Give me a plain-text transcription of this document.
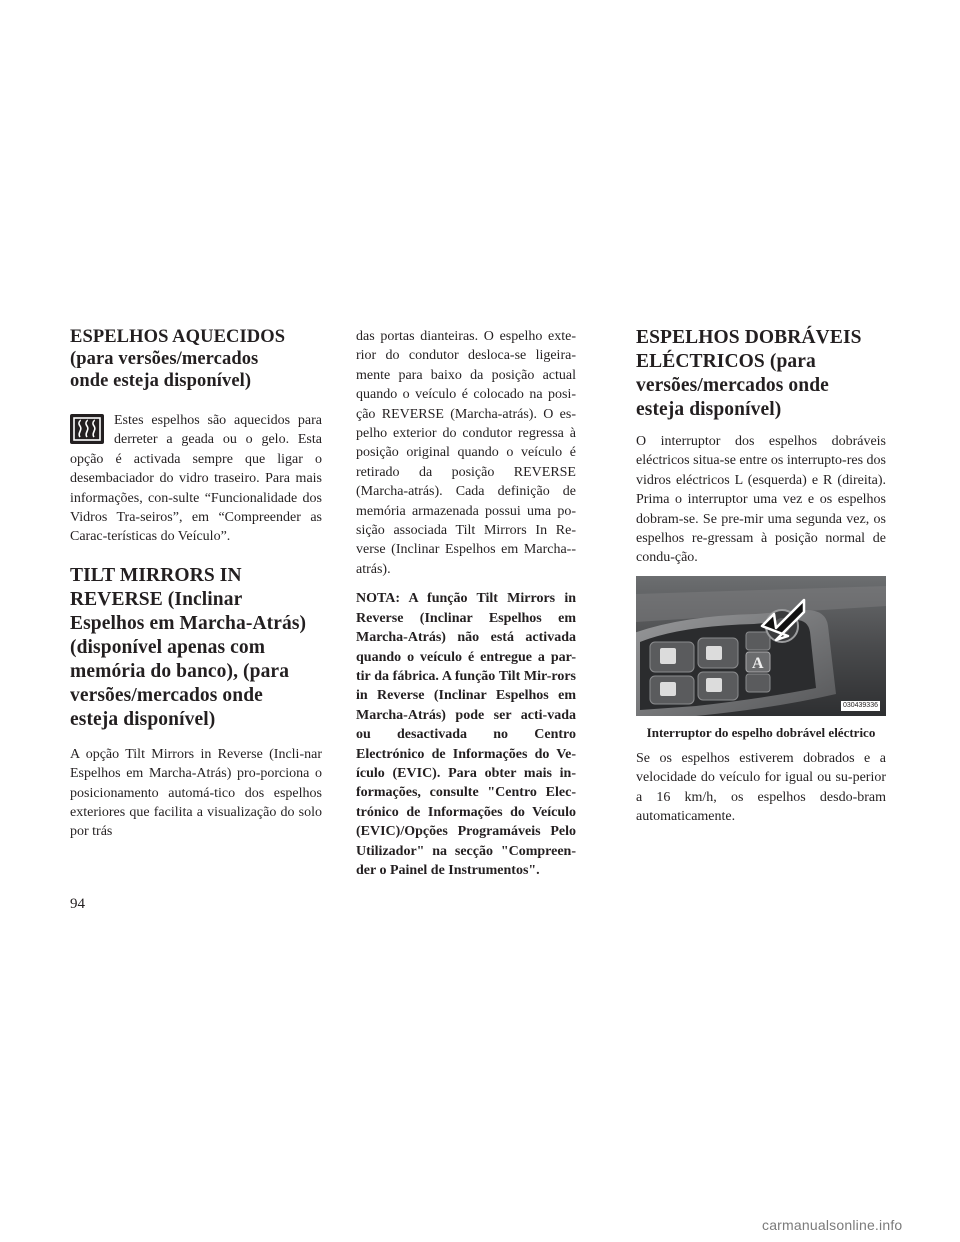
ESPELHOS AQUECIDOS
(para versões/mercados
onde esteja disponível)

Estes espelhos são aquecidos para derreter a geada ou o gelo. Esta opção é activada sempre que ligar o desembaciador do vidro traseiro. Para mais informações, con-sulte “Funcionalidade dos Vidros Tra-seiros”, em “Compreender as Carac-terísticas do Veículo”.

TILT MIRRORS IN
REVERSE (Inclinar
Espelhos em Marcha-Atrás)
(disponível apenas com
memória do banco), (para
versões/mercados onde
esteja disponível)

A opção Tilt Mirrors in Reverse (Incli-nar Espelhos em Marcha-Atrás) pro-porciona o posicionamento automá-tico dos espelhos exteriores que facilita a visualização do solo por trás

das portas dianteiras. O espelho exte-rior do condutor desloca-se ligeira-mente para baixo da posição actual quando o veículo é colocado na posi-ção REVERSE (Marcha-atrás). O es-pelho exterior do condutor regressa à posição original quando o veículo é retirado da posição REVERSE (Marcha-atrás). Cada definição de memória armazenada possui uma po-sição associada Tilt Mirrors In Re-verse (Inclinar Espelhos em Marcha--atrás).

NOTA: A função Tilt Mirrors in Reverse (Inclinar Espelhos em Marcha-Atrás) não está activada quando o veículo é entregue a par-tir da fábrica. A função Tilt Mir-rors in Reverse (Inclinar Espelhos em Marcha-Atrás) pode ser acti-vada ou desactivada no Centro Electrónico de Informações do Ve-ículo (EVIC). Para obter mais in-formações, consulte "Centro Elec-trónico de Informações do Veículo (EVIC)/Opções Programáveis Pelo Utilizador" na secção "Compreen-der o Painel de Instrumentos".

ESPELHOS DOBRÁVEIS
ELÉCTRICOS (para
versões/mercados onde
esteja disponível)

O interruptor dos espelhos dobráveis eléctricos situa-se entre os interrupto-res dos vidros eléctricos L (esquerda) e R (direita). Prima o interruptor uma vez e os espelhos dobram-se. Se pre-mir uma segunda vez, os espelhos re-gressam à posição normal de condu-ção.

A
030439336
Interruptor do espelho dobrável eléctrico

Se os espelhos estiverem dobrados e a velocidade do veículo for igual ou su-perior a 16 km/h, os espelhos desdo-bram automaticamente.

94
carmanualsonline.info
